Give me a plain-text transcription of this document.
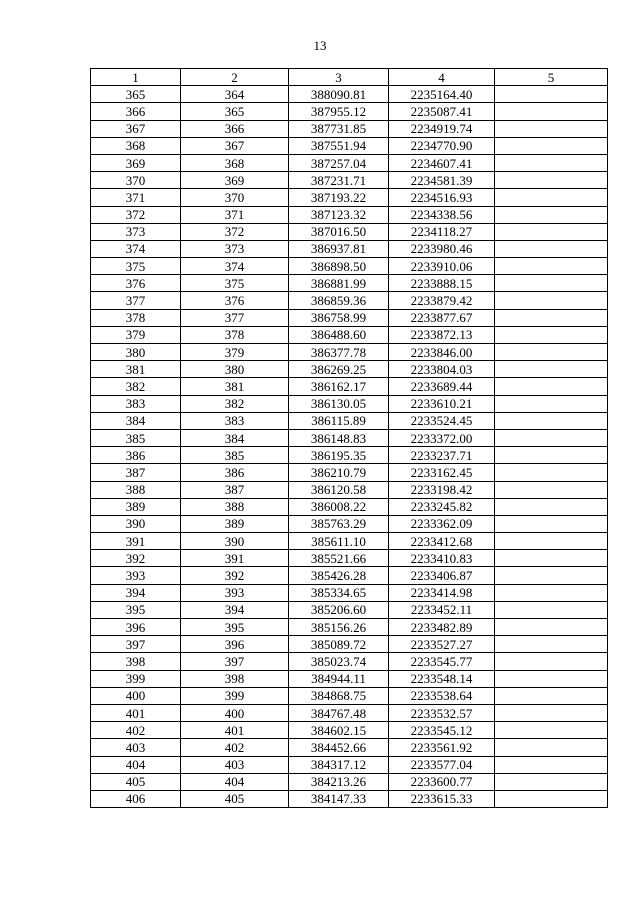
13
1	2	3	4	5
365	364	388090.81	2235164.40	
366	365	387955.12	2235087.41	
367	366	387731.85	2234919.74	
368	367	387551.94	2234770.90	
369	368	387257.04	2234607.41	
370	369	387231.71	2234581.39	
371	370	387193.22	2234516.93	
372	371	387123.32	2234338.56	
373	372	387016.50	2234118.27	
374	373	386937.81	2233980.46	
375	374	386898.50	2233910.06	
376	375	386881.99	2233888.15	
377	376	386859.36	2233879.42	
378	377	386758.99	2233877.67	
379	378	386488.60	2233872.13	
380	379	386377.78	2233846.00	
381	380	386269.25	2233804.03	
382	381	386162.17	2233689.44	
383	382	386130.05	2233610.21	
384	383	386115.89	2233524.45	
385	384	386148.83	2233372.00	
386	385	386195.35	2233237.71	
387	386	386210.79	2233162.45	
388	387	386120.58	2233198.42	
389	388	386008.22	2233245.82	
390	389	385763.29	2233362.09	
391	390	385611.10	2233412.68	
392	391	385521.66	2233410.83	
393	392	385426.28	2233406.87	
394	393	385334.65	2233414.98	
395	394	385206.60	2233452.11	
396	395	385156.26	2233482.89	
397	396	385089.72	2233527.27	
398	397	385023.74	2233545.77	
399	398	384944.11	2233548.14	
400	399	384868.75	2233538.64	
401	400	384767.48	2233532.57	
402	401	384602.15	2233545.12	
403	402	384452.66	2233561.92	
404	403	384317.12	2233577.04	
405	404	384213.26	2233600.77	
406	405	384147.33	2233615.33	
